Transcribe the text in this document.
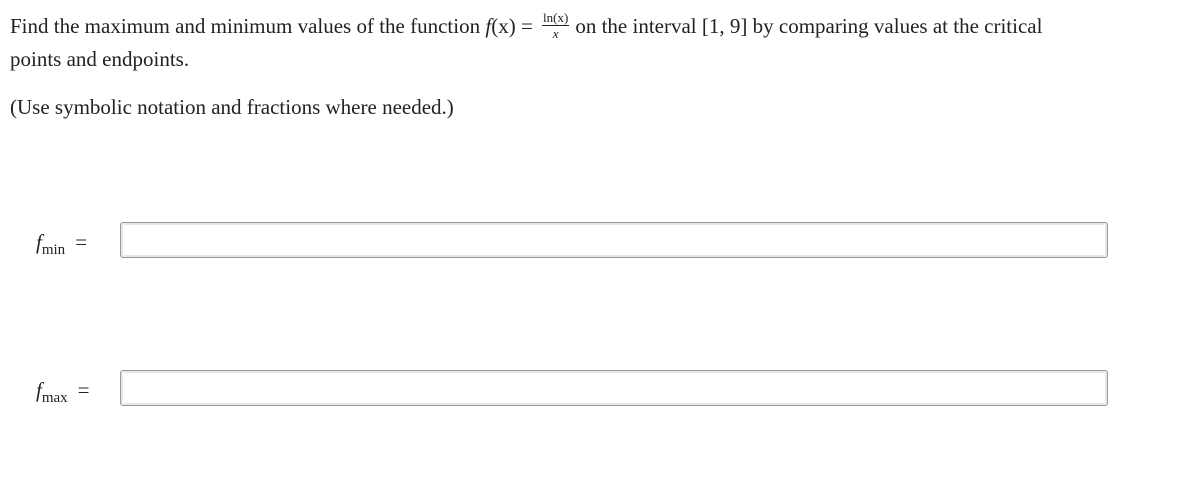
Find the maximum and minimum values of the function $f(x) = \frac{\ln(x)}{x}$ on the interval [1, 9] by comparing values at the critical

points and endpoints.

(Use symbolic notation and fractions where needed.)
$f_{min}$ =
$f_{max}$ =
